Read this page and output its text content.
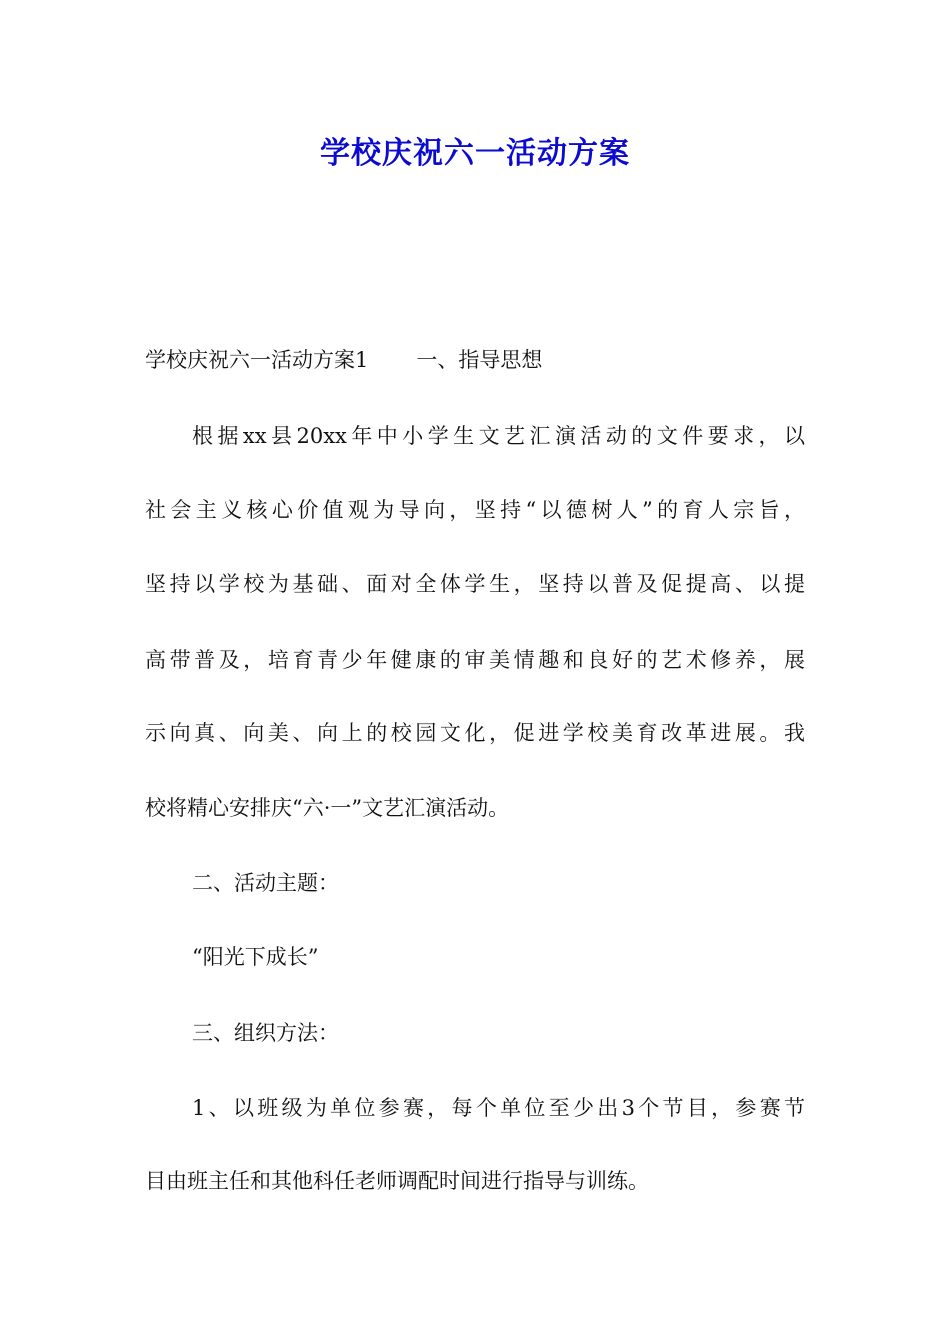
学校庆祝六一活动方案
学校庆祝六一活动方案1 一、指导思想
根据xx县20xx年中小学生文艺汇演活动的文件要求，以
社会主义核心价值观为导向，坚持“以德树人”的育人宗旨，
坚持以学校为基础、面对全体学生，坚持以普及促提高、以提
高带普及，培育青少年健康的审美情趣和良好的艺术修养，展
示向真、向美、向上的校园文化，促进学校美育改革进展。我
校将精心安排庆“六·一”文艺汇演活动。
二、活动主题：
“阳光下成长”
三、组织方法：
1、以班级为单位参赛，每个单位至少出3个节目，参赛节
目由班主任和其他科任老师调配时间进行指导与训练。
